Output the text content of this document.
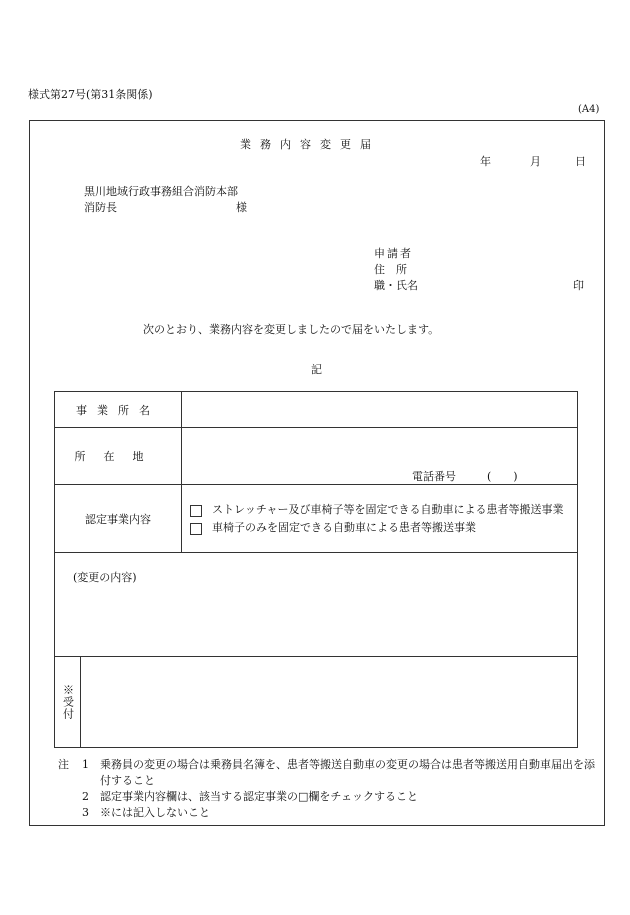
様式第27号(第31条関係)
(A4)
業務内容変更届
年	月	日
黒川地域行政事務組合消防本部
消防長	様
申請者
住　所
職・氏名	印
次のとおり、業務内容を変更しましたので届をいたします。
記
事業所名		
所在地		電話番号 (　　)

認定事業内容		ストレッチャー及び車椅子等を固定できる自動車による患者等搬送事業
車椅子のみを固定できる自動車による患者等搬送事業

(変更の内容)		
※受付		
注	1	乗務員の変更の場合は乗務員名簿を、患者等搬送自動車の変更の場合は患者等搬送用自動車届出を添付すること
2	認定事業内容欄は、該当する認定事業の□欄をチェックすること
3	※には記入しないこと
